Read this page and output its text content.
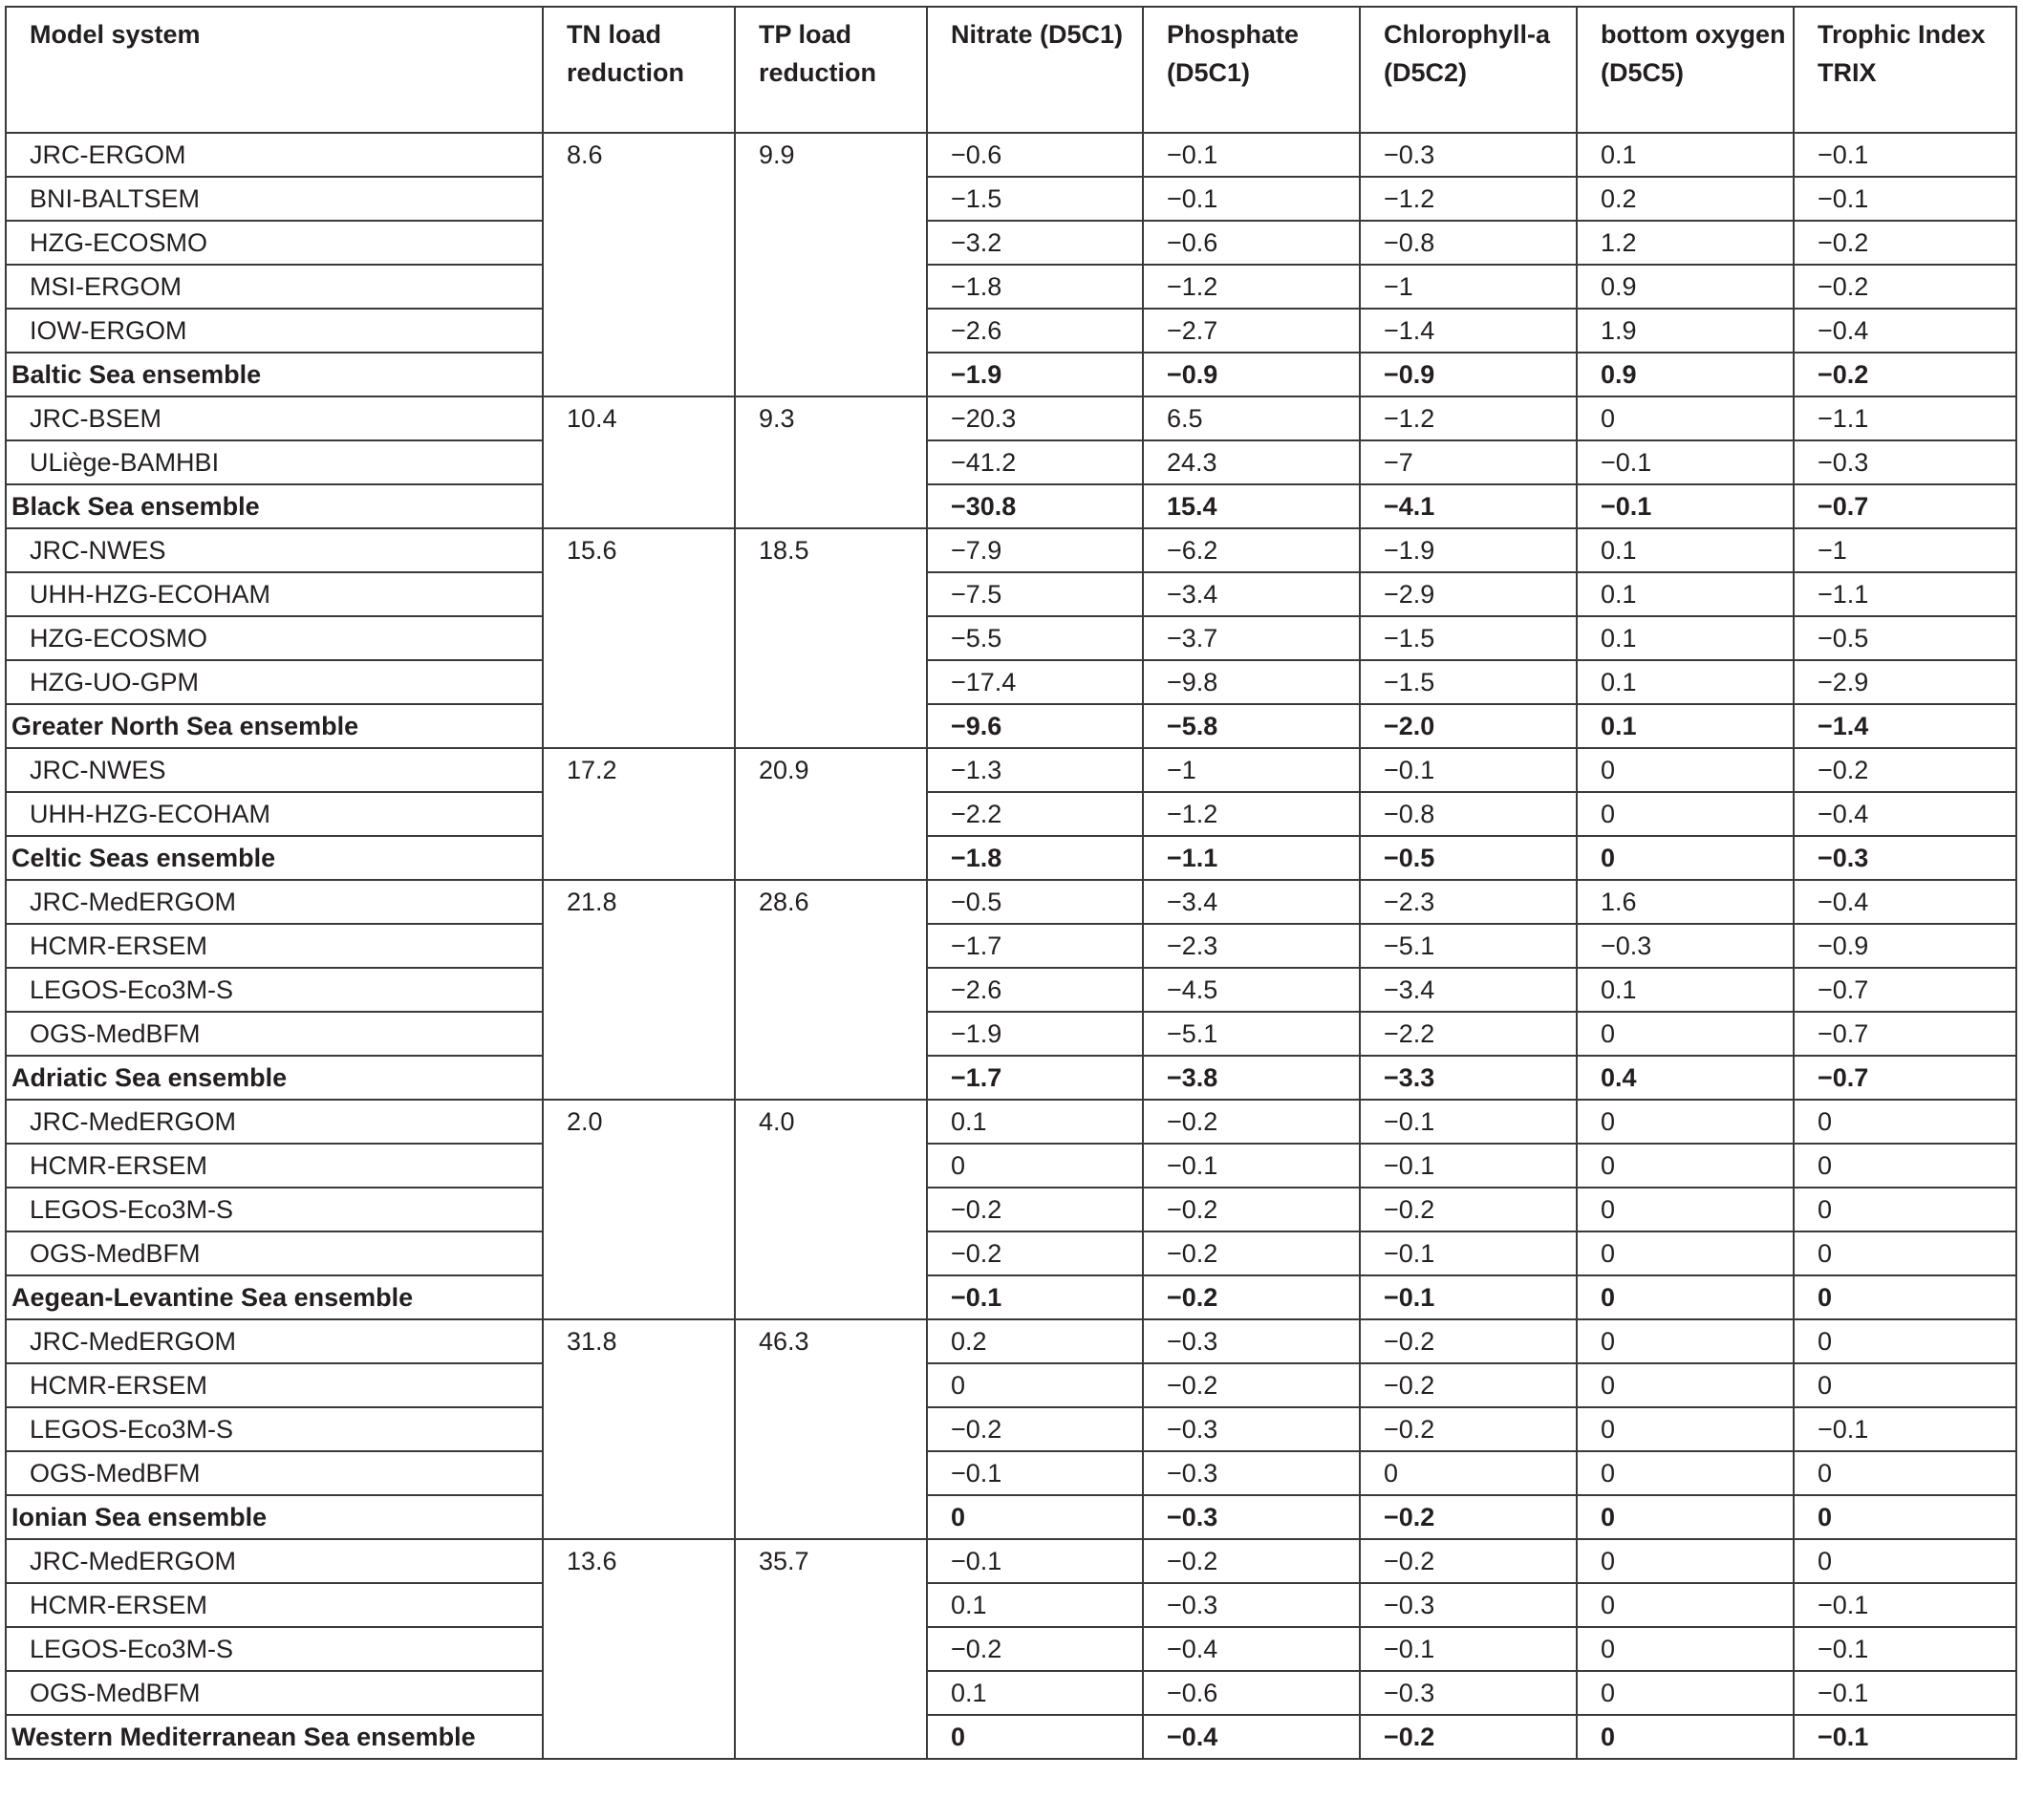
Model system	TN load reduction	TP load reduction	Nitrate (D5C1)	Phosphate (D5C1)	Chlorophyll-a (D5C2)	bottom oxygen (D5C5)	Trophic Index TRIX
JRC-ERGOM	8.6	9.9	−0.6	−0.1	−0.3	0.1	−0.1
BNI-BALTSEM			−1.5	−0.1	−1.2	0.2	−0.1
HZG-ECOSMO			−3.2	−0.6	−0.8	1.2	−0.2
MSI-ERGOM			−1.8	−1.2	−1	0.9	−0.2
IOW-ERGOM			−2.6	−2.7	−1.4	1.9	−0.4
Baltic Sea ensemble			−1.9	−0.9	−0.9	0.9	−0.2
JRC-BSEM	10.4	9.3	−20.3	6.5	−1.2	0	−1.1
ULiège-BAMHBI			−41.2	24.3	−7	−0.1	−0.3
Black Sea ensemble			−30.8	15.4	−4.1	−0.1	−0.7
JRC-NWES	15.6	18.5	−7.9	−6.2	−1.9	0.1	−1
UHH-HZG-ECOHAM			−7.5	−3.4	−2.9	0.1	−1.1
HZG-ECOSMO			−5.5	−3.7	−1.5	0.1	−0.5
HZG-UO-GPM			−17.4	−9.8	−1.5	0.1	−2.9
Greater North Sea ensemble			−9.6	−5.8	−2.0	0.1	−1.4
JRC-NWES	17.2	20.9	−1.3	−1	−0.1	0	−0.2
UHH-HZG-ECOHAM			−2.2	−1.2	−0.8	0	−0.4
Celtic Seas ensemble			−1.8	−1.1	−0.5	0	−0.3
JRC-MedERGOM	21.8	28.6	−0.5	−3.4	−2.3	1.6	−0.4
HCMR-ERSEM			−1.7	−2.3	−5.1	−0.3	−0.9
LEGOS-Eco3M-S			−2.6	−4.5	−3.4	0.1	−0.7
OGS-MedBFM			−1.9	−5.1	−2.2	0	−0.7
Adriatic Sea ensemble			−1.7	−3.8	−3.3	0.4	−0.7
JRC-MedERGOM	2.0	4.0	0.1	−0.2	−0.1	0	0
HCMR-ERSEM			0	−0.1	−0.1	0	0
LEGOS-Eco3M-S			−0.2	−0.2	−0.2	0	0
OGS-MedBFM			−0.2	−0.2	−0.1	0	0
Aegean-Levantine Sea ensemble			−0.1	−0.2	−0.1	0	0
JRC-MedERGOM	31.8	46.3	0.2	−0.3	−0.2	0	0
HCMR-ERSEM			0	−0.2	−0.2	0	0
LEGOS-Eco3M-S			−0.2	−0.3	−0.2	0	−0.1
OGS-MedBFM			−0.1	−0.3	0	0	0
Ionian Sea ensemble			0	−0.3	−0.2	0	0
JRC-MedERGOM	13.6	35.7	−0.1	−0.2	−0.2	0	0
HCMR-ERSEM			0.1	−0.3	−0.3	0	−0.1
LEGOS-Eco3M-S			−0.2	−0.4	−0.1	0	−0.1
OGS-MedBFM			0.1	−0.6	−0.3	0	−0.1
Western Mediterranean Sea ensemble			0	−0.4	−0.2	0	−0.1
